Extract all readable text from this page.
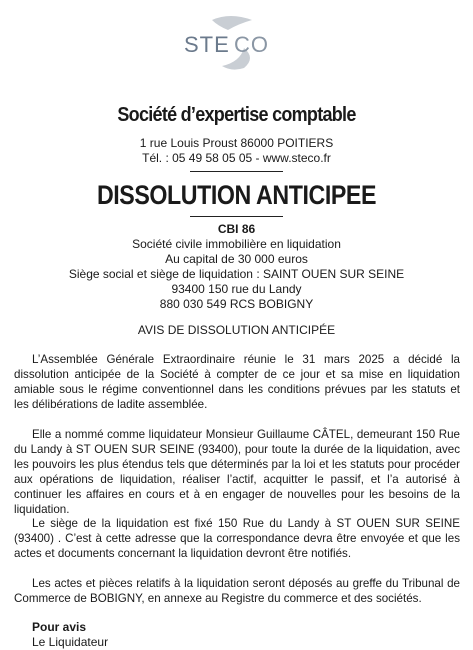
STE CO
Société d’expertise comptable
1 rue Louis Proust 86000 POITIERS
Tél. : 05 49 58 05 05 - www.steco.fr
DISSOLUTION ANTICIPEE
CBI 86
Société civile immobilière en liquidation
Au capital de 30 000 euros
Siège social et siège de liquidation : SAINT OUEN SUR SEINE
93400 150 rue du Landy
880 030 549 RCS BOBIGNY
AVIS DE DISSOLUTION ANTICIPÉE

L’Assemblée Générale Extraordinaire réunie le 31 mars 2025 a décidé la dissolution anticipée de la Société à compter de ce jour et sa mise en liquidation amiable sous le régime conventionnel dans les conditions prévues par les statuts et les délibérations de ladite assemblée.

Elle a nommé comme liquidateur Monsieur Guillaume CÂTEL, demeurant 150 Rue du Landy à ST OUEN SUR SEINE (93400), pour toute la durée de la liquidation, avec les pouvoirs les plus étendus tels que déterminés par la loi et les statuts pour procéder aux opérations de liquidation, réaliser l’actif, acquitter le passif, et l’a autorisé à continuer les affaires en cours et à en engager de nouvelles pour les besoins de la liquidation.

Le siège de la liquidation est fixé 150 Rue du Landy à ST OUEN SUR SEINE (93400) . C’est à cette adresse que la correspondance devra être envoyée et que les actes et documents concernant la liquidation devront être notifiés.

Les actes et pièces relatifs à la liquidation seront déposés au greffe du Tribunal de Commerce de BOBIGNY, en annexe au Registre du commerce et des sociétés.

Pour avis
Le Liquidateur
